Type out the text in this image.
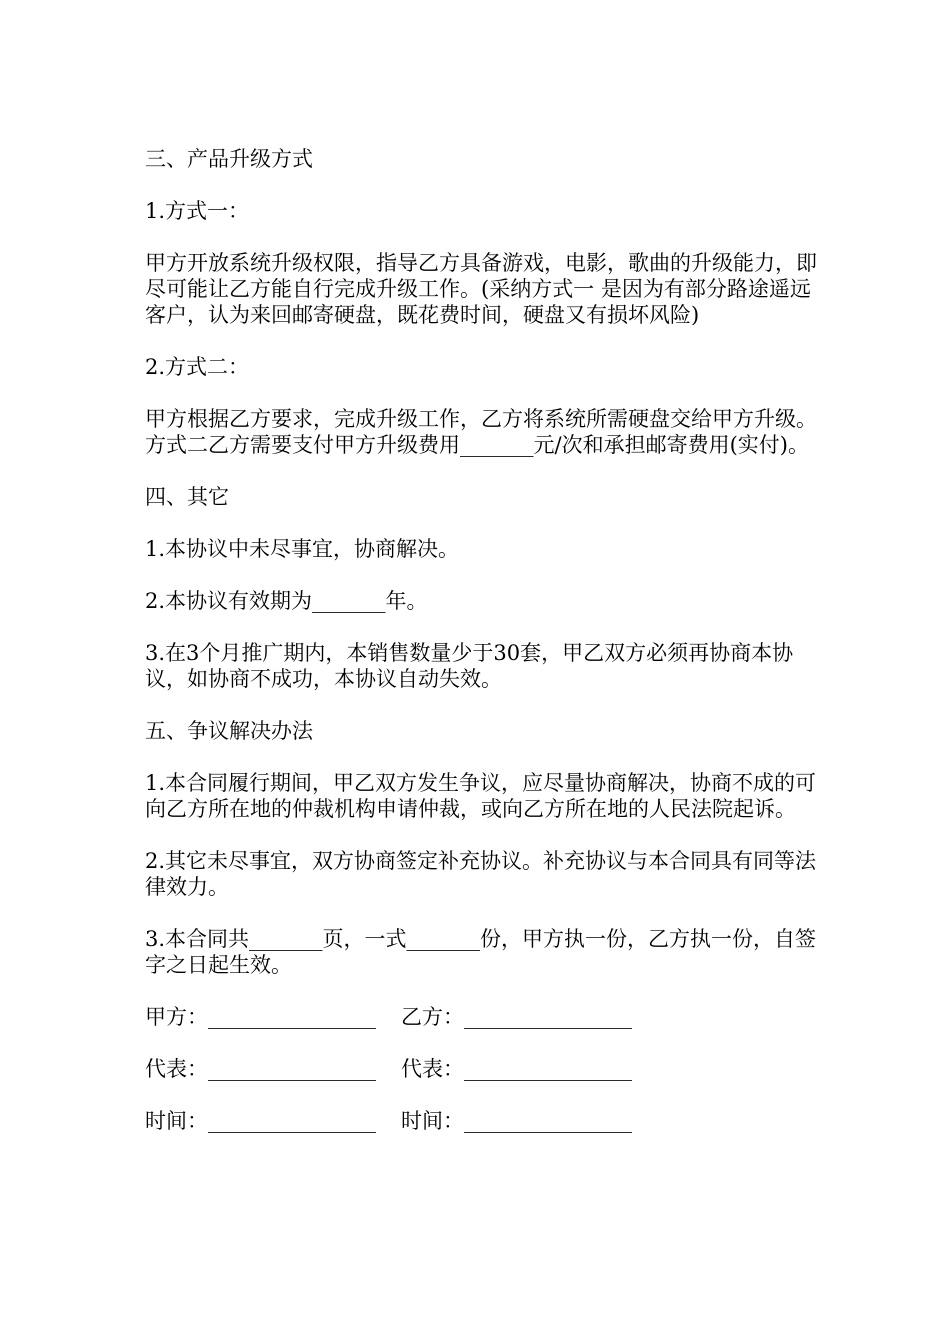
三、产品升级方式

1.方式一：

甲方开放系统升级权限，指导乙方具备游戏，电影，歌曲的升级能力，即尽可能让乙方能自行完成升级工作。(采纳方式一 是因为有部分路途遥远客户，认为来回邮寄硬盘，既花费时间，硬盘又有损坏风险)

2.方式二：

甲方根据乙方要求，完成升级工作，乙方将系统所需硬盘交给甲方升级。方式二乙方需要支付甲方升级费用_______元/次和承担邮寄费用(实付)。

四、其它

1.本协议中未尽事宜，协商解决。

2.本协议有效期为_______年。

3.在3个月推广期内，本销售数量少于30套，甲乙双方必须再协商本协议，如协商不成功，本协议自动失效。

五、争议解决办法

1.本合同履行期间，甲乙双方发生争议，应尽量协商解决，协商不成的可向乙方所在地的仲裁机构申请仲裁，或向乙方所在地的人民法院起诉。

2.其它未尽事宜，双方协商签定补充协议。补充协议与本合同具有同等法律效力。

3.本合同共_______页，一式_______份，甲方执一份，乙方执一份，自签字之日起生效。

甲方：________________	乙方：________________
代表：________________	代表：________________
时间：________________	时间：________________
